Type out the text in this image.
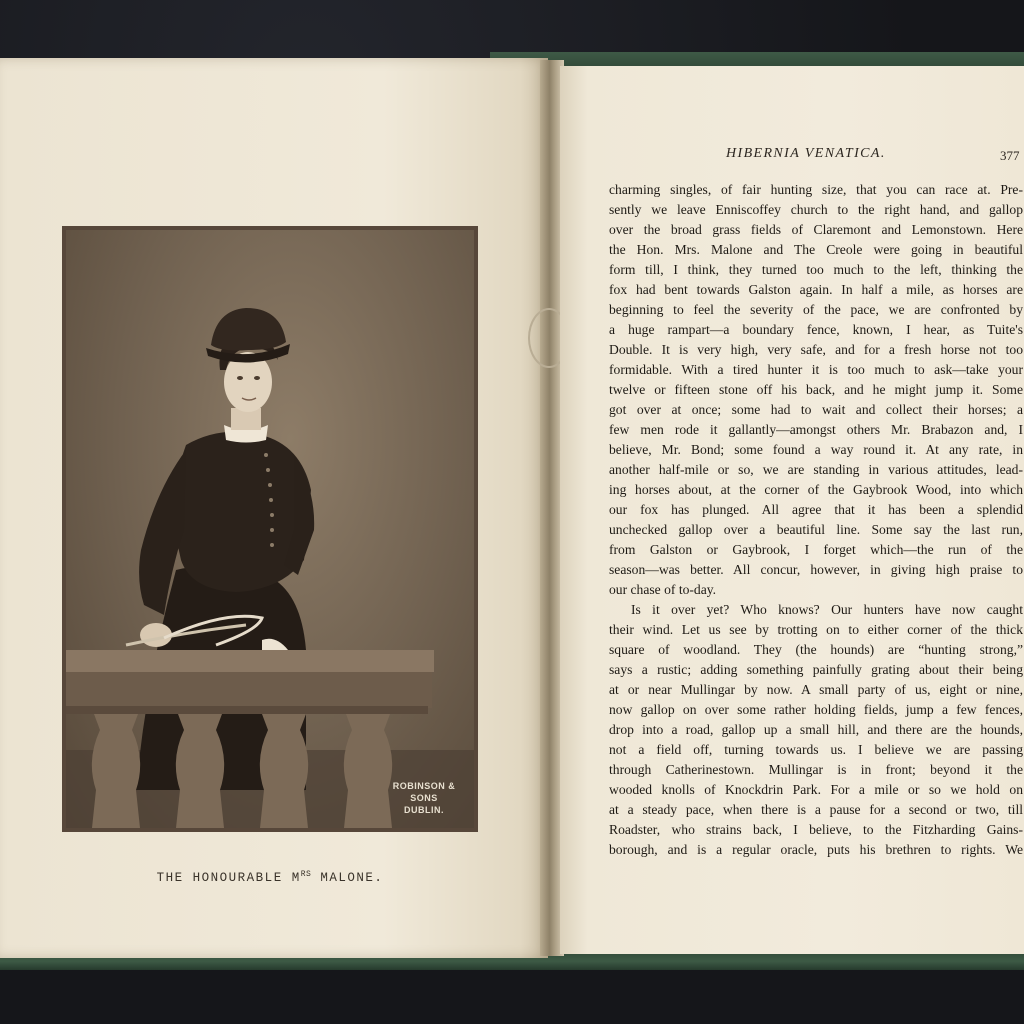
ROBINSON & SONS
DUBLIN.
THE HONOURABLE $M^{RS}$ MALONE.
HIBERNIA VENATICA.	377
charming singles, of fair hunting size, that you can race at. Pre-
sently we leave Enniscoffey church to the right hand, and gallop
over the broad grass fields of Claremont and Lemonstown. Here
the Hon. Mrs. Malone and The Creole were going in beautiful
form till, I think, they turned too much to the left, thinking the
fox had bent towards Galston again. In half a mile, as horses are
beginning to feel the severity of the pace, we are confronted by
a huge rampart—a boundary fence, known, I hear, as Tuite's
Double. It is very high, very safe, and for a fresh horse not too
formidable. With a tired hunter it is too much to ask—take your
twelve or fifteen stone off his back, and he might jump it. Some
got over at once; some had to wait and collect their horses; a
few men rode it gallantly—amongst others Mr. Brabazon and, I
believe, Mr. Bond; some found a way round it. At any rate, in
another half-mile or so, we are standing in various attitudes, lead-
ing horses about, at the corner of the Gaybrook Wood, into which
our fox has plunged. All agree that it has been a splendid
unchecked gallop over a beautiful line. Some say the last run,
from Galston or Gaybrook, I forget which—the run of the
season—was better. All concur, however, in giving high praise to
our chase of to-day.
Is it over yet? Who knows? Our hunters have now caught
their wind. Let us see by trotting on to either corner of the thick
square of woodland. They (the hounds) are “hunting strong,”
says a rustic; adding something painfully grating about their being
at or near Mullingar by now. A small party of us, eight or nine,
now gallop on over some rather holding fields, jump a few fences,
drop into a road, gallop up a small hill, and there are the hounds,
not a field off, turning towards us. I believe we are passing
through Catherinestown. Mullingar is in front; beyond it the
wooded knolls of Knockdrin Park. For a mile or so we hold on
at a steady pace, when there is a pause for a second or two, till
Roadster, who strains back, I believe, to the Fitzharding Gains-
borough, and is a regular oracle, puts his brethren to rights. We
